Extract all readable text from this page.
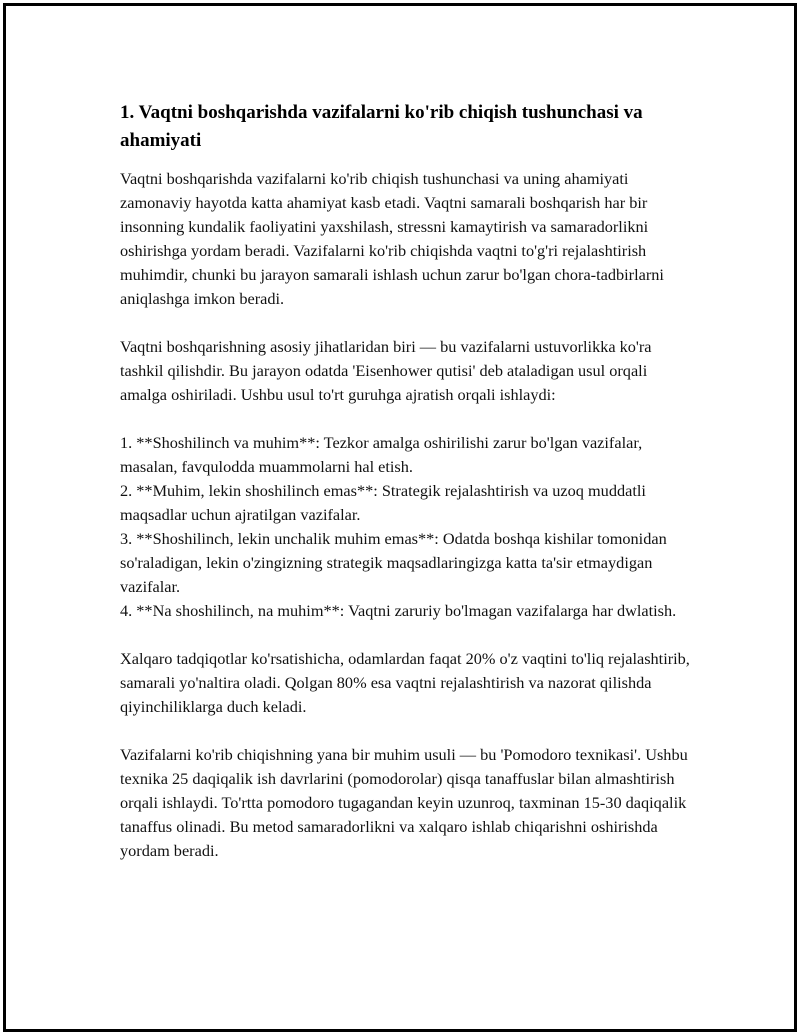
1. Vaqtni boshqarishda vazifalarni ko'rib chiqish tushunchasi va ahamiyati

Vaqtni boshqarishda vazifalarni ko'rib chiqish tushunchasi va uning ahamiyati zamonaviy hayotda katta ahamiyat kasb etadi. Vaqtni samarali boshqarish har bir insonning kundalik faoliyatini yaxshilash, stressni kamaytirish va samaradorlikni oshirishga yordam beradi. Vazifalarni ko'rib chiqishda vaqtni to'g'ri rejalashtirish muhimdir, chunki bu jarayon samarali ishlash uchun zarur bo'lgan chora-tadbirlarni aniqlashga imkon beradi.

Vaqtni boshqarishning asosiy jihatlaridan biri — bu vazifalarni ustuvorlikka ko'ra tashkil qilishdir. Bu jarayon odatda 'Eisenhower qutisi' deb ataladigan usul orqali amalga oshiriladi. Ushbu usul to'rt guruhga ajratish orqali ishlaydi:

1. **Shoshilinch va muhim**: Tezkor amalga oshirilishi zarur bo'lgan vazifalar, masalan, favqulodda muammolarni hal etish.
2. **Muhim, lekin shoshilinch emas**: Strategik rejalashtirish va uzoq muddatli maqsadlar uchun ajratilgan vazifalar.
3. **Shoshilinch, lekin unchalik muhim emas**: Odatda boshqa kishilar tomonidan so'raladigan, lekin o'zingizning strategik maqsadlaringizga katta ta'sir etmaydigan vazifalar.
4. **Na shoshilinch, na muhim**: Vaqtni zaruriy bo'lmagan vazifalarga har dwlatish.

Xalqaro tadqiqotlar ko'rsatishicha, odamlardan faqat 20% o'z vaqtini to'liq rejalashtirib, samarali yo'naltira oladi. Qolgan 80% esa vaqtni rejalashtirish va nazorat qilishda qiyinchiliklarga duch keladi.

Vazifalarni ko'rib chiqishning yana bir muhim usuli — bu 'Pomodoro texnikasi'. Ushbu texnika 25 daqiqalik ish davrlarini (pomodorolar) qisqa tanaffuslar bilan almashtirish orqali ishlaydi. To'rtta pomodoro tugagandan keyin uzunroq, taxminan 15-30 daqiqalik tanaffus olinadi. Bu metod samaradorlikni va xalqaro ishlab chiqarishni oshirishda yordam beradi.
